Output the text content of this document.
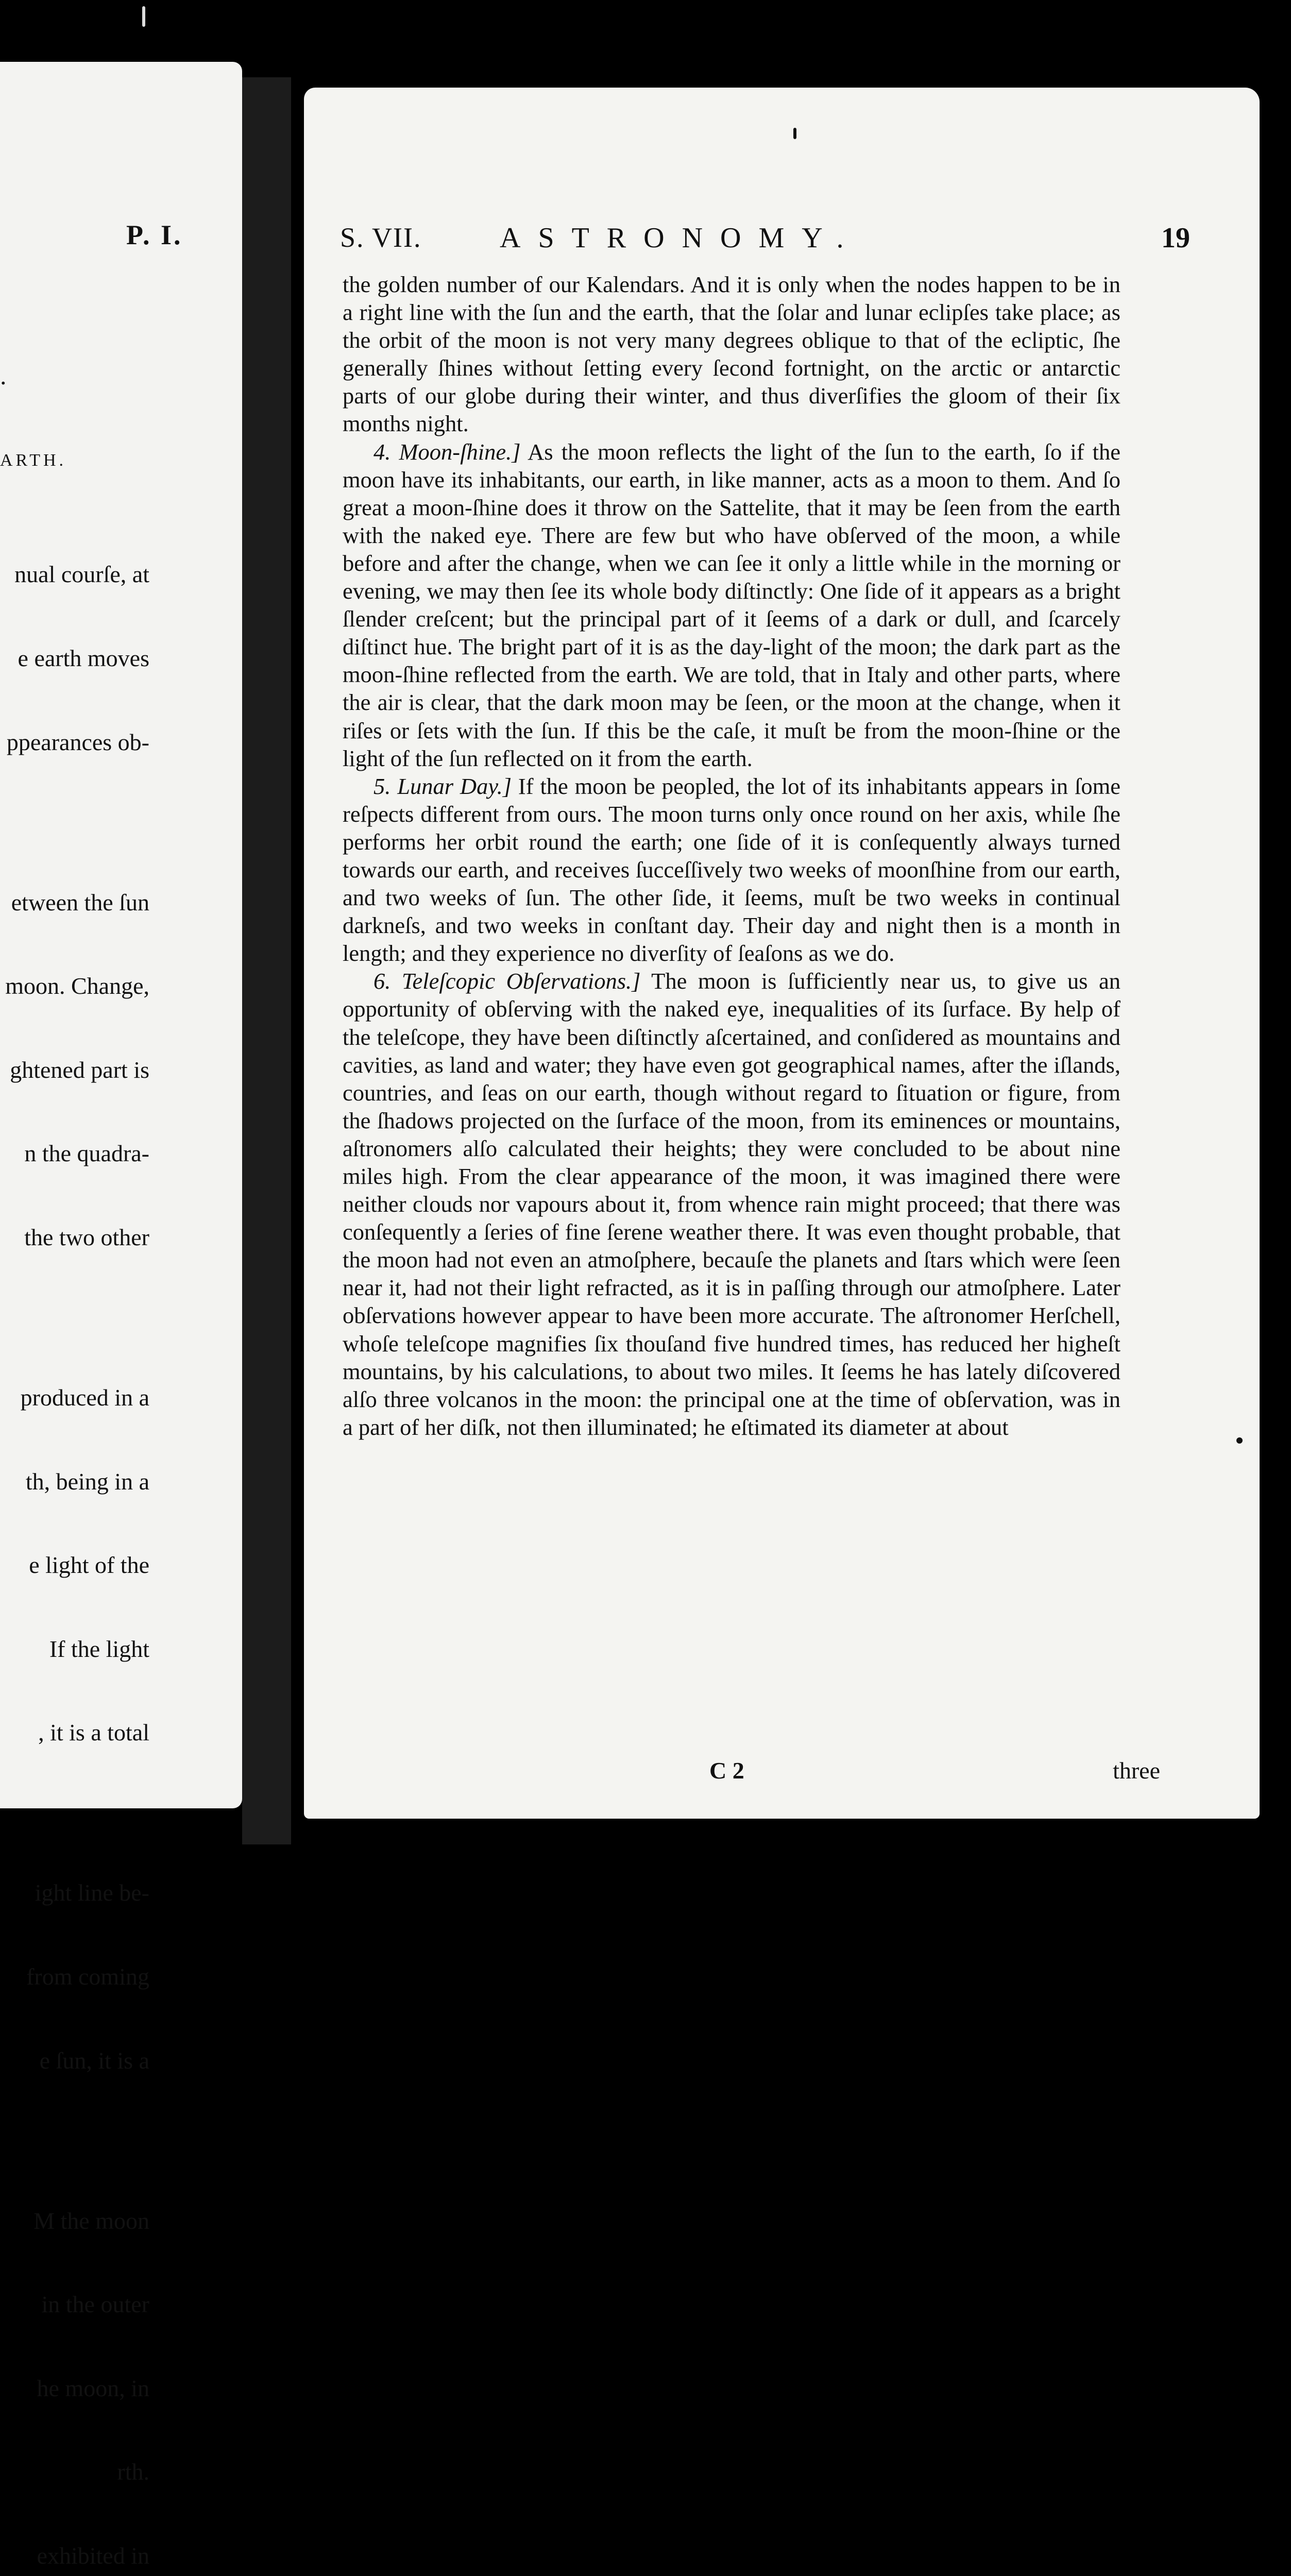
P. I.
.
ARTH.

nual courſe, at

e earth moves

ppearances ob-

etween the ſun

moon. Change,

ghtened part is

n the quadra-

the two other

produced in a

th, being in a

e light of the

If the light

, it is a total

ight line be-

from coming

e ſun, it is a

M the moon

in the outer

he moon, in

rth.

exhibited in

S. VII.	ASTRONOMY.	19

the golden number of our Kalendars. And it is only when the nodes happen to be in a right line with the ſun and the earth, that the ſolar and lunar eclipſes take place; as the orbit of the moon is not very many degrees oblique to that of the ecliptic, ſhe generally ſhines without ſetting every ſecond fortnight, on the arctic or antarctic parts of our globe during their winter, and thus diverſifies the gloom of their ſix months night.

4. Moon-ſhine.] As the moon reflects the light of the ſun to the earth, ſo if the moon have its inhabitants, our earth, in like manner, acts as a moon to them. And ſo great a moon-ſhine does it throw on the Sattelite, that it may be ſeen from the earth with the naked eye. There are few but who have obſerved of the moon, a while before and after the change, when we can ſee it only a little while in the morning or evening, we may then ſee its whole body diſtinctly: One ſide of it appears as a bright ſlender creſcent; but the principal part of it ſeems of a dark or dull, and ſcarcely diſtinct hue. The bright part of it is as the day-light of the moon; the dark part as the moon-ſhine reflected from the earth. We are told, that in Italy and other parts, where the air is clear, that the dark moon may be ſeen, or the moon at the change, when it riſes or ſets with the ſun. If this be the caſe, it muſt be from the moon-ſhine or the light of the ſun reflected on it from the earth.

5. Lunar Day.] If the moon be peopled, the lot of its inhabitants appears in ſome reſpects different from ours. The moon turns only once round on her axis, while ſhe performs her orbit round the earth; one ſide of it is conſequently always turned towards our earth, and receives ſucceſſively two weeks of moonſhine from our earth, and two weeks of ſun. The other ſide, it ſeems, muſt be two weeks in continual darkneſs, and two weeks in conſtant day. Their day and night then is a month in length; and they experience no diverſity of ſeaſons as we do.

6. Teleſcopic Obſervations.] The moon is ſufficiently near us, to give us an opportunity of obſerving with the naked eye, inequalities of its ſurface. By help of the teleſcope, they have been diſtinctly aſcertained, and conſidered as mountains and cavities, as land and water; they have even got geographical names, after the iſlands, countries, and ſeas on our earth, though without regard to ſituation or figure, from the ſhadows projected on the ſurface of the moon, from its eminences or mountains, aſtronomers alſo calculated their heights; they were concluded to be about nine miles high. From the clear appearance of the moon, it was imagined there were neither clouds nor vapours about it, from whence rain might proceed; that there was conſequently a ſeries of fine ſerene weather there. It was even thought probable, that the moon had not even an atmoſphere, becauſe the planets and ſtars which were ſeen near it, had not their light refracted, as it is in paſſing through our atmoſphere. Later obſervations however appear to have been more accurate. The aſtronomer Herſchell, whoſe teleſcope magnifies ſix thouſand five hundred times, has reduced her higheſt mountains, by his calculations, to about two miles. It ſeems he has lately diſcovered alſo three volcanos in the moon: the principal one at the time of obſervation, was in a part of her diſk, not then illuminated; he eſtimated its diameter at about

C 2	three
